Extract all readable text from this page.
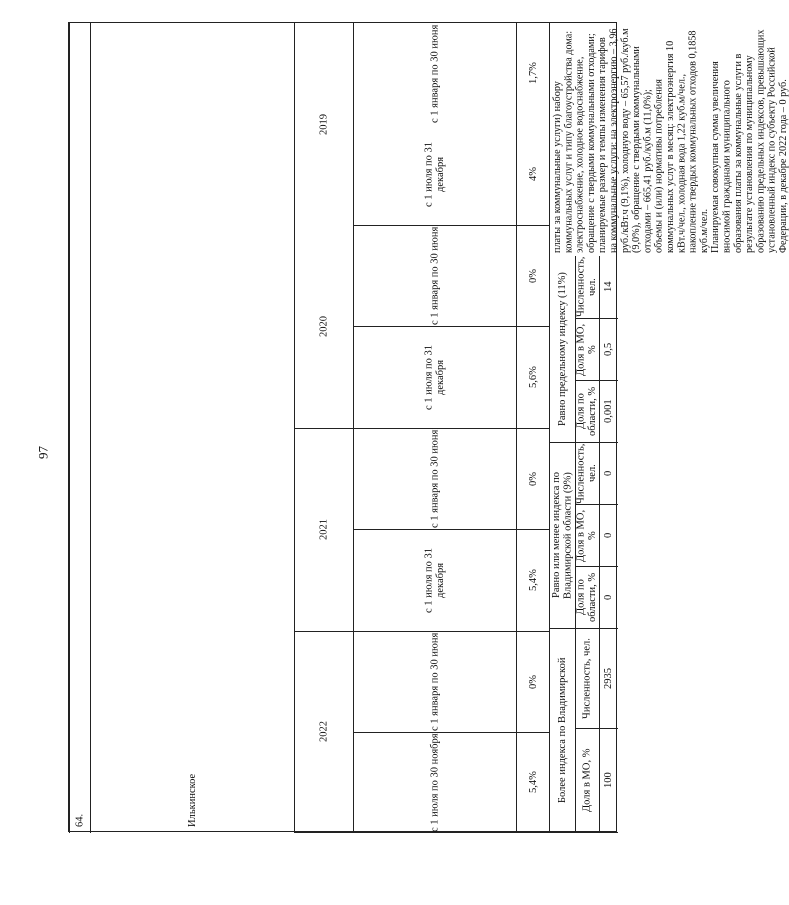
97
64.	Илькинское
2019
2020
2021
2022
с 1 января по 30 июня
с 1 июля по 31 декабря
с 1 января по 30 июня
с 1 июля по 31 декабря
с 1 января по 30 июня
с 1 июля по 31 декабря
с 1 января по 30 июня
с 1 июля по 30 ноября
1,7%
4%
0%
5,6%
0%
5,4%
0%
5,4%

платы за коммунальные услуги) набору коммунальных услуг и типу благоустройства дома: электроснабжение, холодное водоснабжение, обращение с твердыми коммунальными отходами; планируемые размер и темпы изменения тарифов на коммунальные услуги: на электроэнергию – 3,96 руб./кВт.ч (9,1%), холодную воду – 65,57 руб./куб.м (9,0%), обращение с твердыми коммунальными отходами – 665,41 руб./куб.м (11,0%); объемы и (или) нормативы потребления коммунальных услуг в месяц: электроэнергия 10 кВт.ч/чел., холодная вода 1,22 куб.м/чел., накопление твердых коммунальных отходов 0,1858 куб.м/чел. Планируемая совокупная сумма увеличения вносимой гражданами муниципального образования платы за коммунальные услуги в результате установления по муниципальному образованию предельных индексов, превышающих установленный индекс по субъекту Российской Федерации, в декабре 2022 года – 0 руб.

Равно предельному индексу (11%)
Равно или менее индекса по Владимирской области (9%)
Более индекса по Владимирской
Численность, чел.
Доля в МО, %
Доля по области, %
Численность, чел.
Доля в МО, %
Доля по области, %
Численность, чел.
Доля в МО, %
14
0,5
0,001
0
0
0
2935
100
